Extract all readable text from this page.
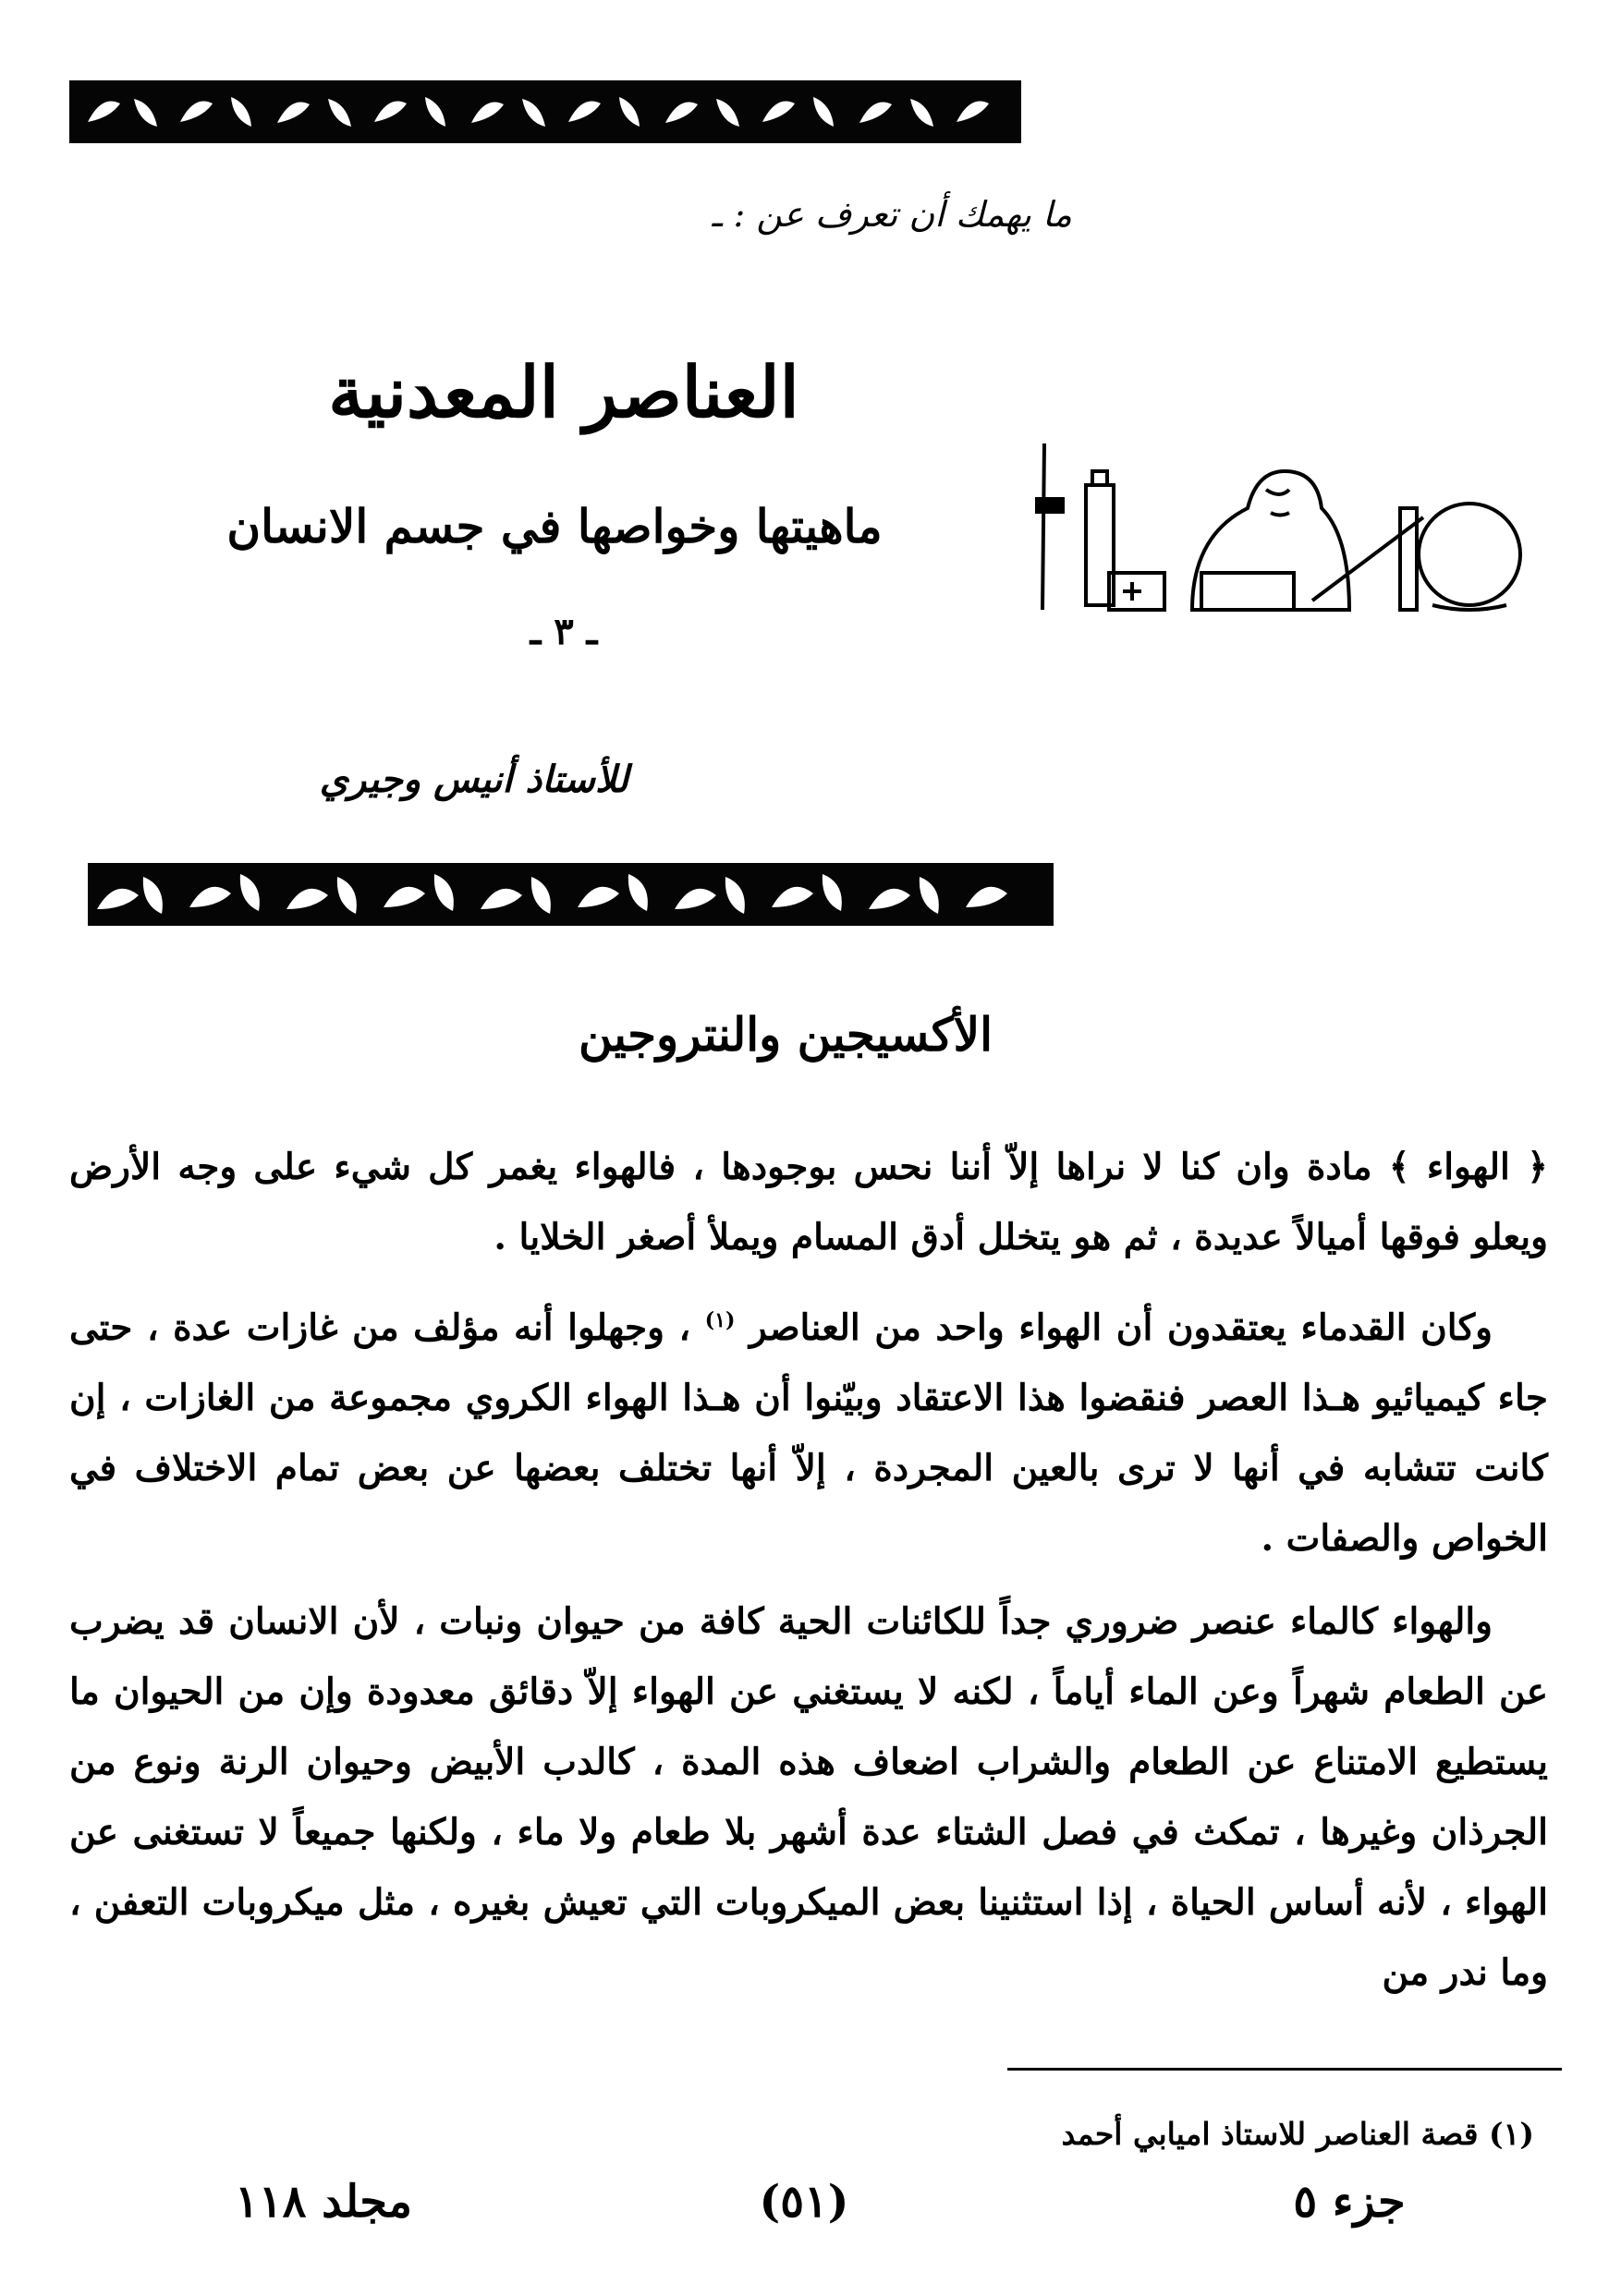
ما يهمك أن تعرف عن : ـ
العناصر المعدنية
ماهيتها وخواصها في جسم الانسان
ـ ٣ ـ
للأستاذ أنيس وجيري
الأكسيجين والنتروجين

﴿ الهواء ﴾ مادة وان كنا لا نراها إلاّ أننا نحس بوجودها ، فالهواء يغمر كل شيء على وجه الأرض ويعلو فوقها أميالاً عديدة ، ثم هو يتخلل أدق المسام ويملأ أصغر الخلايا .

وكان القدماء يعتقدون أن الهواء واحد من العناصر $^{(١)}$ ، وجهلوا أنه مؤلف من غازات عدة ، حتى جاء كيميائيو هـذا العصر فنقضوا هذا الاعتقاد وبيّنوا أن هـذا الهواء الكروي مجموعة من الغازات ، إن كانت تتشابه في أنها لا ترى بالعين المجردة ، إلاّ أنها تختلف بعضها عن بعض تمام الاختلاف في الخواص والصفات .

والهواء كالماء عنصر ضروري جداً للكائنات الحية كافة من حيوان ونبات ، لأن الانسان قد يضرب عن الطعام شهراً وعن الماء أياماً ، لكنه لا يستغني عن الهواء إلاّ دقائق معدودة وإن من الحيوان ما يستطيع الامتناع عن الطعام والشراب اضعاف هذه المدة ، كالدب الأبيض وحيوان الرنة ونوع من الجرذان وغيرها ، تمكث في فصل الشتاء عدة أشهر بلا طعام ولا ماء ، ولكنها جميعاً لا تستغنى عن الهواء ، لأنه أساس الحياة ، إذا استثنينا بعض الميكروبات التي تعيش بغيره ، مثل ميكروبات التعفن ، وما ندر من

(١) قصة العناصر للاستاذ اميابي أحمد
مجلد ١١٨	(٥١)	جزء ٥
